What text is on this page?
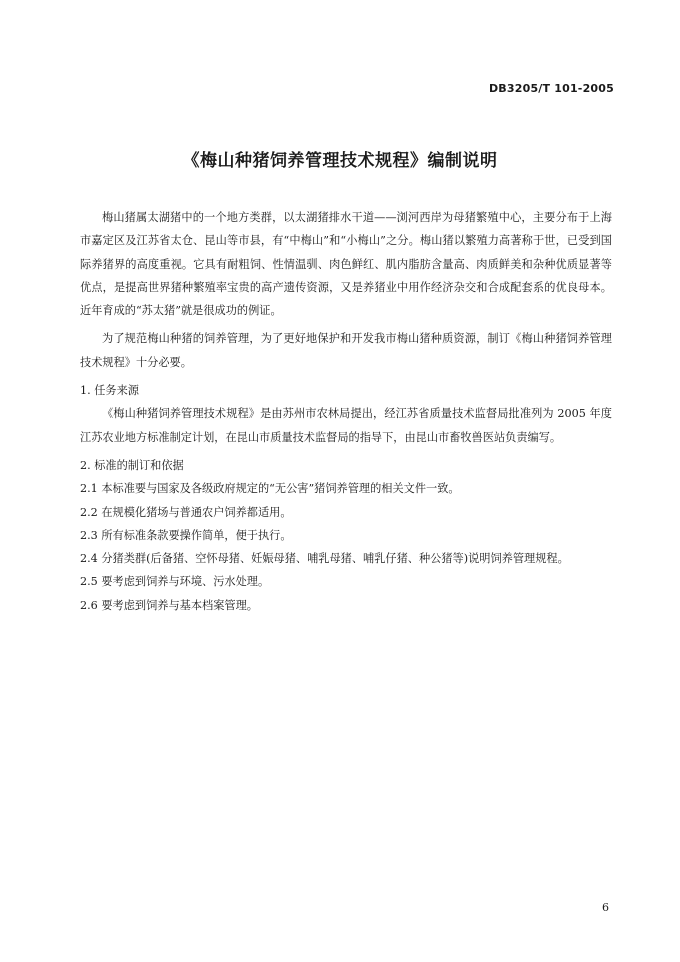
DB3205/T 101-2005
《梅山种猪饲养管理技术规程》编制说明

梅山猪属太湖猪中的一个地方类群，以太湖猪排水干道——浏河西岸为母猪繁殖中心，主要分布于上海市嘉定区及江苏省太仓、昆山等市县，有“中梅山”和“小梅山”之分。梅山猪以繁殖力高著称于世，已受到国际养猪界的高度重视。它具有耐粗饲、性情温驯、肉色鲜红、肌内脂肪含量高、肉质鲜美和杂种优质显著等优点，是提高世界猪种繁殖率宝贵的高产遗传资源，又是养猪业中用作经济杂交和合成配套系的优良母本。近年育成的“苏太猪”就是很成功的例证。

为了规范梅山种猪的饲养管理，为了更好地保护和开发我市梅山猪种质资源，制订《梅山种猪饲养管理技术规程》十分必要。

1. 任务来源

《梅山种猪饲养管理技术规程》是由苏州市农林局提出，经江苏省质量技术监督局批准列为 2005 年度江苏农业地方标准制定计划，在昆山市质量技术监督局的指导下，由昆山市畜牧兽医站负责编写。

2. 标准的制订和依据

2.1 本标准要与国家及各级政府规定的“无公害”猪饲养管理的相关文件一致。

2.2 在规模化猪场与普通农户饲养都适用。

2.3 所有标准条款要操作简单，便于执行。

2.4 分猪类群(后备猪、空怀母猪、妊娠母猪、哺乳母猪、哺乳仔猪、种公猪等)说明饲养管理规程。

2.5 要考虑到饲养与环境、污水处理。

2.6 要考虑到饲养与基本档案管理。

6
